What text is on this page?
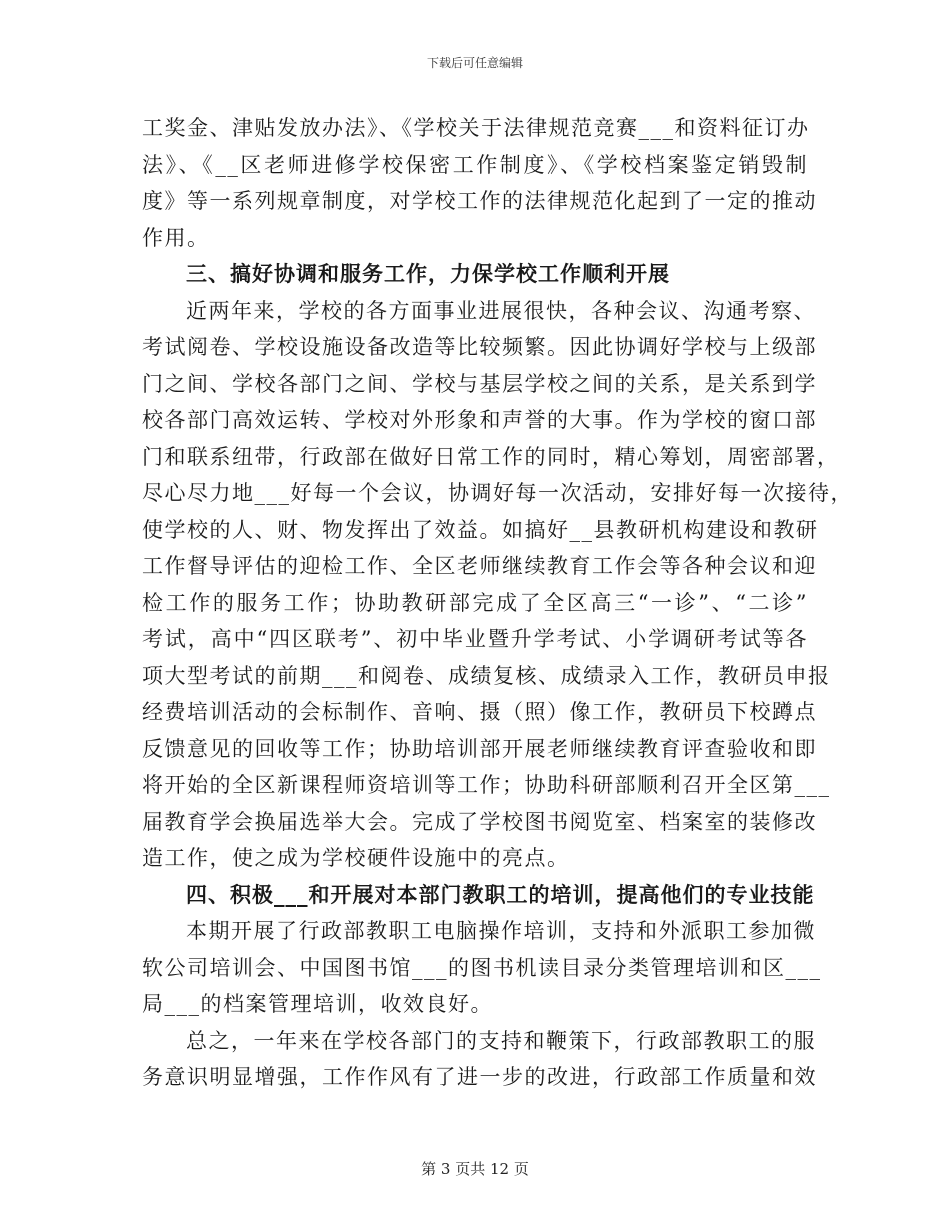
下载后可任意编辑
工奖金、津贴发放办法》、《学校关于法律规范竞赛___和资料征订办
法》、《__区老师进修学校保密工作制度》、《学校档案鉴定销毁制
度》等一系列规章制度，对学校工作的法律规范化起到了一定的推动
作用。
三、搞好协调和服务工作，力保学校工作顺利开展
近两年来，学校的各方面事业进展很快，各种会议、沟通考察、
考试阅卷、学校设施设备改造等比较频繁。因此协调好学校与上级部
门之间、学校各部门之间、学校与基层学校之间的关系，是关系到学
校各部门高效运转、学校对外形象和声誉的大事。作为学校的窗口部
门和联系纽带，行政部在做好日常工作的同时，精心筹划，周密部署，
尽心尽力地___好每一个会议，协调好每一次活动，安排好每一次接待，
使学校的人、财、物发挥出了效益。如搞好__县教研机构建设和教研
工作督导评估的迎检工作、全区老师继续教育工作会等各种会议和迎
检工作的服务工作；协助教研部完成了全区高三“一诊”、“二诊”
考试，高中“四区联考”、初中毕业暨升学考试、小学调研考试等各
项大型考试的前期___和阅卷、成绩复核、成绩录入工作，教研员申报
经费培训活动的会标制作、音响、摄（照）像工作，教研员下校蹲点
反馈意见的回收等工作；协助培训部开展老师继续教育评查验收和即
将开始的全区新课程师资培训等工作；协助科研部顺利召开全区第___
届教育学会换届选举大会。完成了学校图书阅览室、档案室的装修改
造工作，使之成为学校硬件设施中的亮点。
四、积极___和开展对本部门教职工的培训，提高他们的专业技能
本期开展了行政部教职工电脑操作培训，支持和外派职工参加微
软公司培训会、中国图书馆___的图书机读目录分类管理培训和区___
局___的档案管理培训，收效良好。
总之，一年来在学校各部门的支持和鞭策下，行政部教职工的服
务意识明显增强，工作作风有了进一步的改进，行政部工作质量和效
第 3 页共 12 页
